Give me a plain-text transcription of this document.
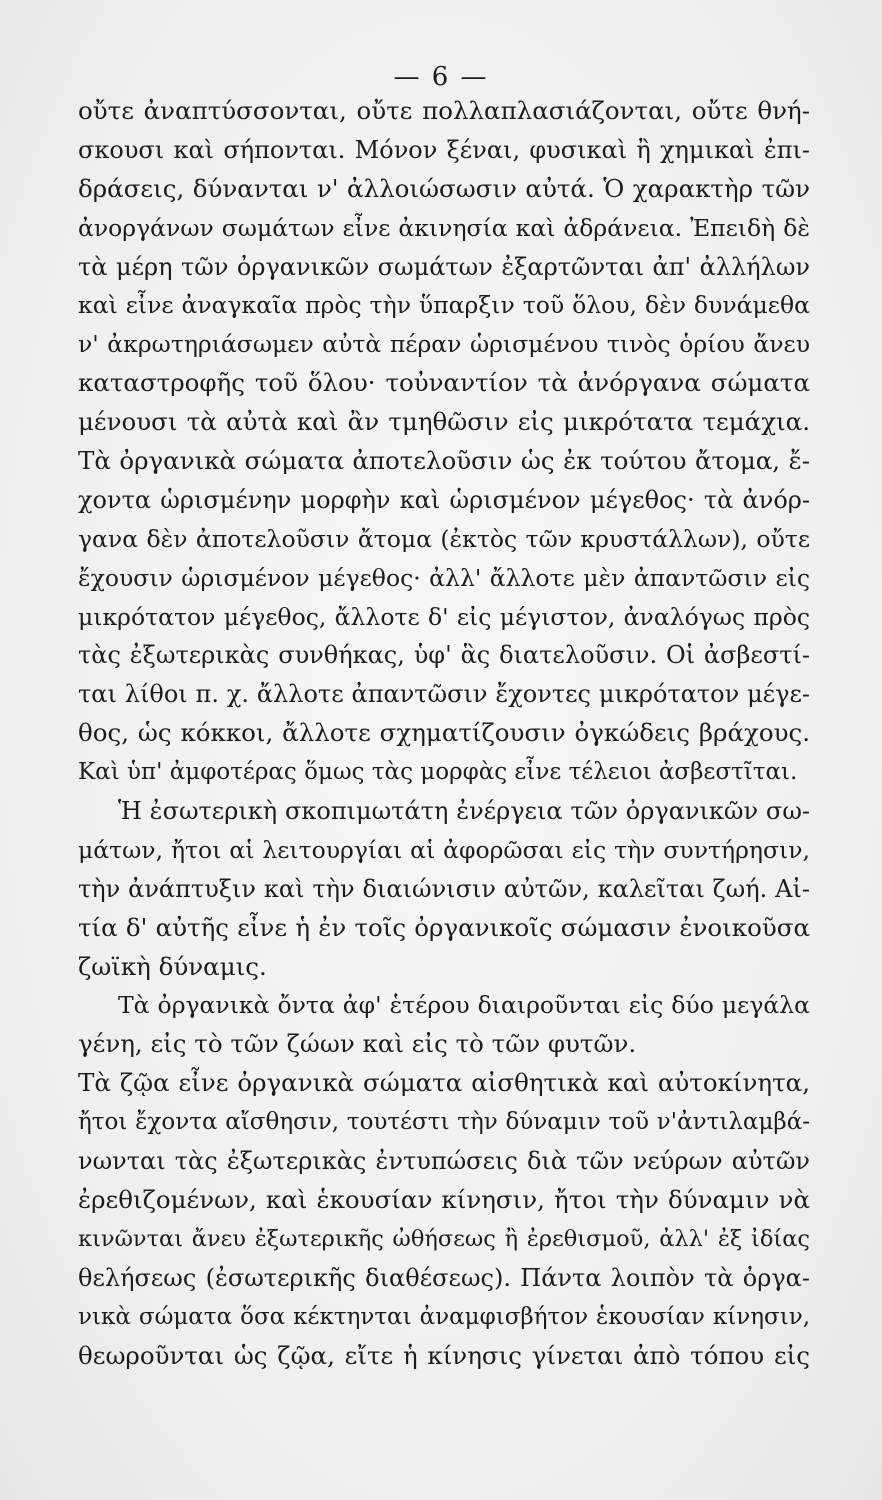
— 6 —
οὔτε ἀναπτύσσονται, οὔτε πολλαπλασιάζονται, οὔτε θνή-
σκουσι καὶ σήπονται. Μόνον ξέναι, φυσικαὶ ἢ χημικαὶ ἐπι-
δράσεις, δύνανται ν' ἀλλοιώσωσιν αὐτά. Ὁ χαρακτὴρ τῶν
ἀνοργάνων σωμάτων εἶνε ἀκινησία καὶ ἀδράνεια. Ἐπειδὴ δὲ
τὰ μέρη τῶν ὀργανικῶν σωμάτων ἐξαρτῶνται ἀπ' ἀλλήλων
καὶ εἶνε ἀναγκαῖα πρὸς τὴν ὕπαρξιν τοῦ ὅλου, δὲν δυνάμεθα
ν' ἀκρωτηριάσωμεν αὐτὰ πέραν ὡρισμένου τινὸς ὁρίου ἄνευ
καταστροφῆς τοῦ ὅλου· τοὐναντίον τὰ ἀνόργανα σώματα
μένουσι τὰ αὐτὰ καὶ ἂν τμηθῶσιν εἰς μικρότατα τεμάχια.
Τὰ ὀργανικὰ σώματα ἀποτελοῦσιν ὡς ἐκ τούτου ἄτομα, ἔ-
χοντα ὡρισμένην μορφὴν καὶ ὡρισμένον μέγεθος· τὰ ἀνόρ-
γανα δὲν ἀποτελοῦσιν ἄτομα (ἐκτὸς τῶν κρυστάλλων), οὔτε
ἔχουσιν ὡρισμένον μέγεθος· ἀλλ' ἄλλοτε μὲν ἀπαντῶσιν εἰς
μικρότατον μέγεθος, ἄλλοτε δ' εἰς μέγιστον, ἀναλόγως πρὸς
τὰς ἐξωτερικὰς συνθήκας, ὑφ' ἃς διατελοῦσιν. Οἱ ἀσβεστί-
ται λίθοι π. χ. ἄλλοτε ἀπαντῶσιν ἔχοντες μικρότατον μέγε-
θος, ὡς κόκκοι, ἄλλοτε σχηματίζουσιν ὀγκώδεις βράχους.
Καὶ ὑπ' ἀμφοτέρας ὅμως τὰς μορφὰς εἶνε τέλειοι ἀσβεστῖται.
Ἡ ἐσωτερικὴ σκοπιμωτάτη ἐνέργεια τῶν ὀργανικῶν σω-
μάτων, ἤτοι αἱ λειτουργίαι αἱ ἀφορῶσαι εἰς τὴν συντήρησιν,
τὴν ἀνάπτυξιν καὶ τὴν διαιώνισιν αὐτῶν, καλεῖται ζωή. Αἰ-
τία δ' αὐτῆς εἶνε ἡ ἐν τοῖς ὀργανικοῖς σώμασιν ἐνοικοῦσα
ζωϊκὴ δύναμις.
Τὰ ὀργανικὰ ὄντα ἀφ' ἑτέρου διαιροῦνται εἰς δύο μεγάλα
γένη, εἰς τὸ τῶν ζώων καὶ εἰς τὸ τῶν φυτῶν.
Τὰ ζῷα εἶνε ὀργανικὰ σώματα αἰσθητικὰ καὶ αὐτοκίνητα,
ἤτοι ἔχοντα αἴσθησιν, τουτέστι τὴν δύναμιν τοῦ ν'ἀντιλαμβά-
νωνται τὰς ἐξωτερικὰς ἐντυπώσεις διὰ τῶν νεύρων αὐτῶν
ἐρεθιζομένων, καὶ ἑκουσίαν κίνησιν, ἤτοι τὴν δύναμιν νὰ
κινῶνται ἄνευ ἐξωτερικῆς ὠθήσεως ἢ ἐρεθισμοῦ, ἀλλ' ἐξ ἰδίας
θελήσεως (ἐσωτερικῆς διαθέσεως). Πάντα λοιπὸν τὰ ὀργα-
νικὰ σώματα ὅσα κέκτηνται ἀναμφισβήτον ἑκουσίαν κίνησιν,
θεωροῦνται ὡς ζῷα, εἴτε ἡ κίνησις γίνεται ἀπὸ τόπου εἰς
